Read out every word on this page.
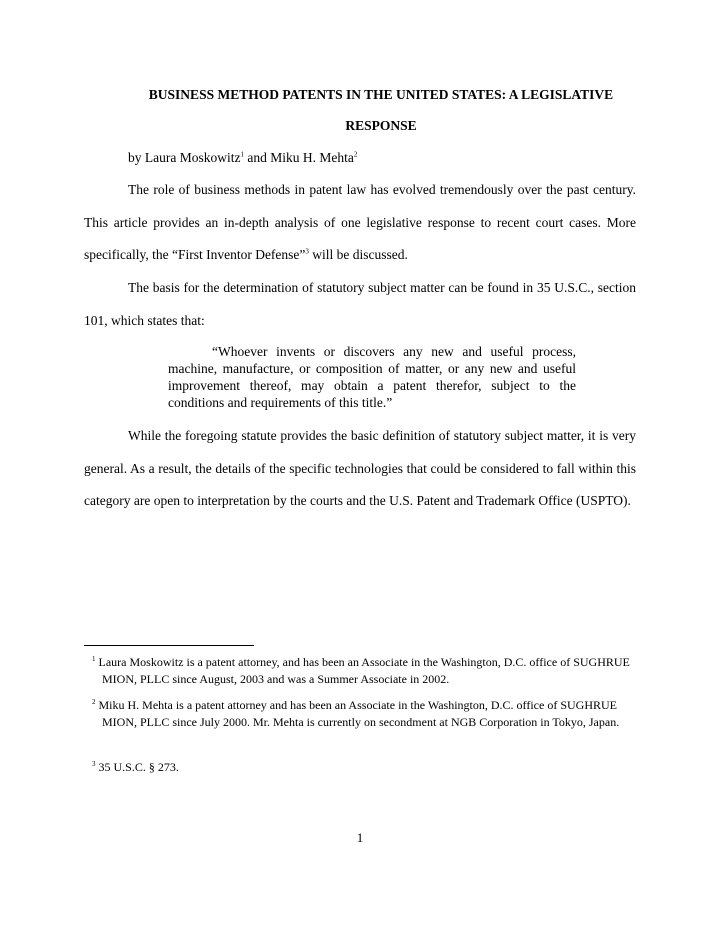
BUSINESS METHOD PATENTS IN THE UNITED STATES: A LEGISLATIVE
RESPONSE
by Laura Moskowitz$^1$ and Miku H. Mehta$^2$
The role of business methods in patent law has evolved tremendously over the past century. This article provides an in-depth analysis of one legislative response to recent court cases. More specifically, the “First Inventor Defense”$^3$ will be discussed.
The basis for the determination of statutory subject matter can be found in 35 U.S.C., section 101, which states that:
“Whoever invents or discovers any new and useful process, machine, manufacture, or composition of matter, or any new and useful improvement thereof, may obtain a patent therefor, subject to the conditions and requirements of this title.”
While the foregoing statute provides the basic definition of statutory subject matter, it is very general. As a result, the details of the specific technologies that could be considered to fall within this category are open to interpretation by the courts and the U.S. Patent and Trademark Office (USPTO).
$^1$ Laura Moskowitz is a patent attorney, and has been an Associate in the Washington, D.C. office of SUGHRUE MION, PLLC since August, 2003 and was a Summer Associate in 2002.
$^2$ Miku H. Mehta is a patent attorney and has been an Associate in the Washington, D.C. office of SUGHRUE MION, PLLC since July 2000. Mr. Mehta is currently on secondment at NGB Corporation in Tokyo, Japan.
$^3$ 35 U.S.C. § 273.
1
